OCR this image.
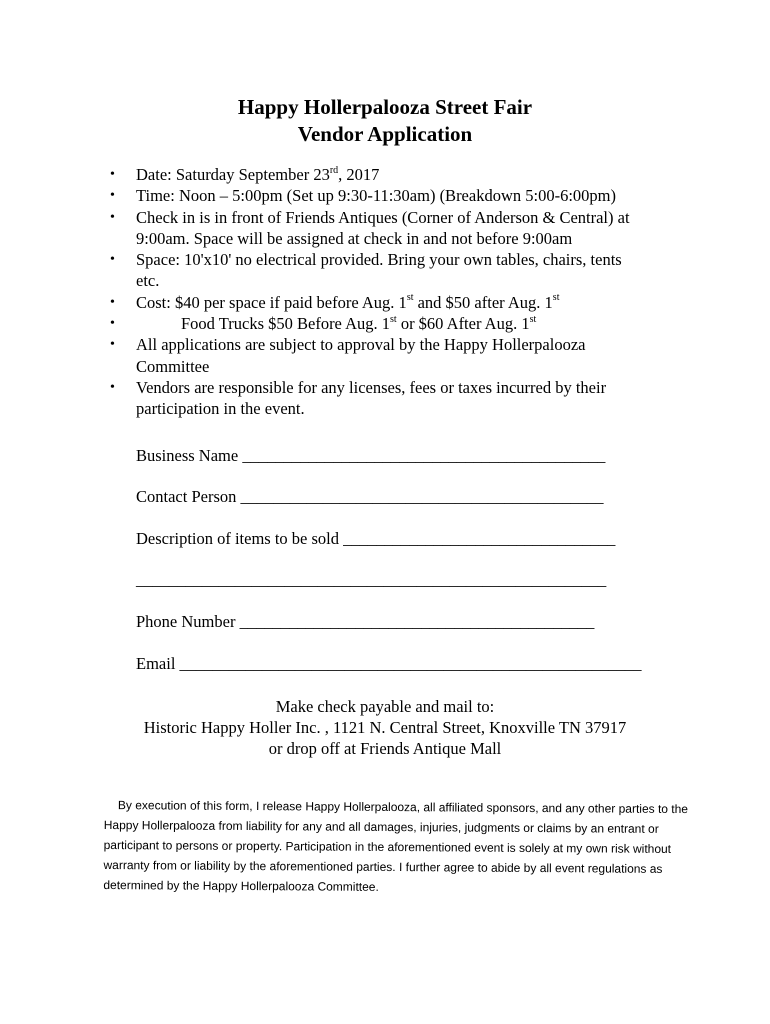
Happy Hollerpalooza Street Fair
Vendor Application
• Date: Saturday September 23rd, 2017
• Time: Noon – 5:00pm (Set up 9:30-11:30am) (Breakdown 5:00-6:00pm)
• Check in is in front of Friends Antiques (Corner of Anderson & Central) at
9:00am. Space will be assigned at check in and not before 9:00am
• Space: 10'x10' no electrical provided. Bring your own tables, chairs, tents
etc.
• Cost: $40 per space if paid before Aug. 1st and $50 after Aug. 1st
•	Food Trucks $50 Before Aug. 1st or $60 After Aug. 1st
• All applications are subject to approval by the Happy Hollerpalooza
Committee
• Vendors are responsible for any licenses, fees or taxes incurred by their
participation in the event.
Business Name ____________________________________________
Contact Person ____________________________________________
Description of items to be sold _________________________________
_________________________________________________________
Phone Number ___________________________________________
Email ________________________________________________________
Make check payable and mail to:
Historic Happy Holler Inc. , 1121 N. Central Street, Knoxville TN 37917
or drop off at Friends Antique Mall
By execution of this form, I release Happy Hollerpalooza, all affiliated sponsors, and any other parties to the
Happy Hollerpalooza from liability for any and all damages, injuries, judgments or claims by an entrant or
participant to persons or property. Participation in the aforementioned event is solely at my own risk without
warranty from or liability by the aforementioned parties. I further agree to abide by all event regulations as
determined by the Happy Hollerpalooza Committee.
